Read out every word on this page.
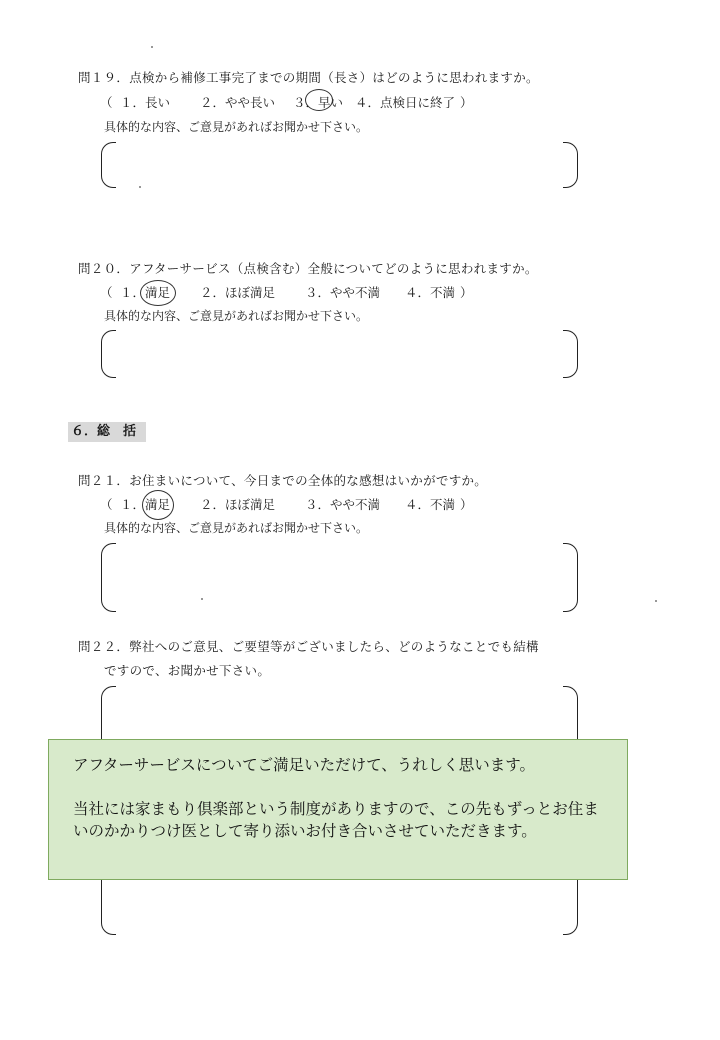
問１９．点検から補修工事完了までの期間（長さ）はどのように思われますか。
（ １．長い ２．やや長い ３．早い ４．点検日に終了 ）
具体的な内容、ご意見があればお聞かせ下さい。
問２０．アフターサービス（点検含む）全般についてどのように思われますか。
（ １．満足 ２．ほぼ満足 ３．やや不満 ４．不満 ）
具体的な内容、ご意見があればお聞かせ下さい。
６．総　括
問２１．お住まいについて、今日までの全体的な感想はいかがですか。
（ １．満足 ２．ほぼ満足 ３．やや不満 ４．不満 ）
具体的な内容、ご意見があればお聞かせ下さい。
問２２．弊社へのご意見、ご要望等がございましたら、どのようなことでも結構
ですので、お聞かせ下さい。

アフターサービスについてご満足いただけて、うれしく思います。

当社には家まもり倶楽部という制度がありますので、この先もずっとお住まいのかかりつけ医として寄り添いお付き合いさせていただきます。
